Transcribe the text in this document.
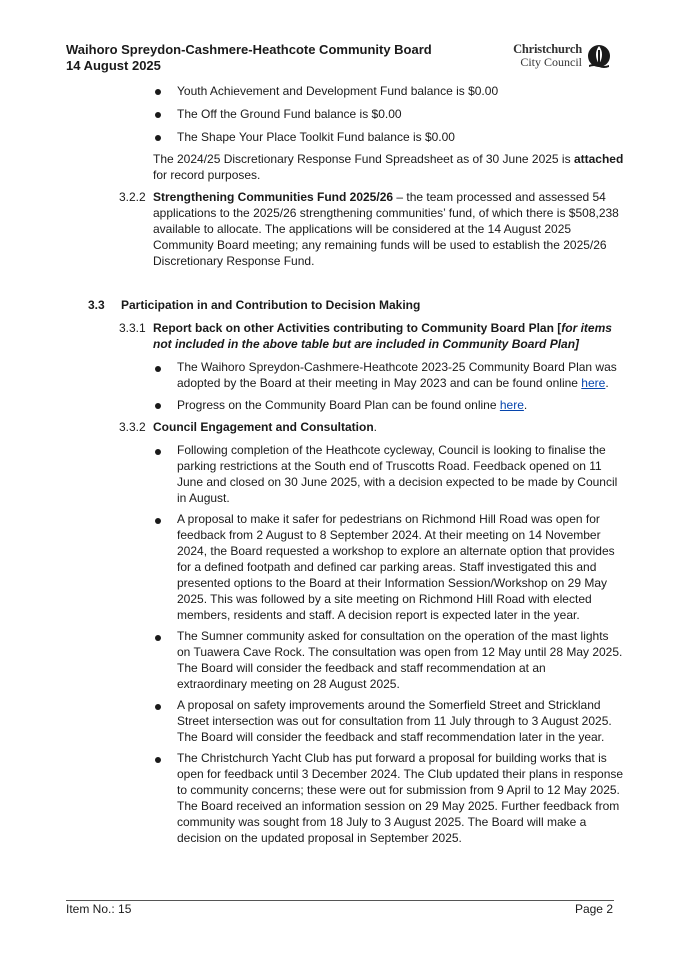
Waihoro Spreydon-Cashmere-Heathcote Community Board
14 August 2025
Christchurch
City Council

Youth Achievement and Development Fund balance is $0.00

The Off the Ground Fund balance is $0.00

The Shape Your Place Toolkit Fund balance is $0.00

The 2024/25 Discretionary Response Fund Spreadsheet as of 30 June 2025 is attached

for record purposes.

3.2.2 Strengthening Communities Fund 2025/26 – the team processed and assessed 54

applications to the 2025/26 strengthening communities’ fund, of which there is $508,238

available to allocate. The applications will be considered at the 14 August 2025

Community Board meeting; any remaining funds will be used to establish the 2025/26

Discretionary Response Fund.

3.3 Participation in and Contribution to Decision Making

3.3.1 Report back on other Activities contributing to Community Board Plan [for items

not included in the above table but are included in Community Board Plan]

The Waihoro Spreydon-Cashmere-Heathcote 2023-25 Community Board Plan was

adopted by the Board at their meeting in May 2023 and can be found online here.

Progress on the Community Board Plan can be found online here.

3.3.2 Council Engagement and Consultation.

Following completion of the Heathcote cycleway, Council is looking to finalise the

parking restrictions at the South end of Truscotts Road. Feedback opened on 11

June and closed on 30 June 2025, with a decision expected to be made by Council

in August.

A proposal to make it safer for pedestrians on Richmond Hill Road was open for

feedback from 2 August to 8 September 2024. At their meeting on 14 November

2024, the Board requested a workshop to explore an alternate option that provides

for a defined footpath and defined car parking areas. Staff investigated this and

presented options to the Board at their Information Session/Workshop on 29 May

2025. This was followed by a site meeting on Richmond Hill Road with elected

members, residents and staff. A decision report is expected later in the year.

The Sumner community asked for consultation on the operation of the mast lights

on Tuawera Cave Rock. The consultation was open from 12 May until 28 May 2025.

The Board will consider the feedback and staff recommendation at an

extraordinary meeting on 28 August 2025.

A proposal on safety improvements around the Somerfield Street and Strickland

Street intersection was out for consultation from 11 July through to 3 August 2025.

The Board will consider the feedback and staff recommendation later in the year.

The Christchurch Yacht Club has put forward a proposal for building works that is

open for feedback until 3 December 2024. The Club updated their plans in response

to community concerns; these were out for submission from 9 April to 12 May 2025.

The Board received an information session on 29 May 2025. Further feedback from

community was sought from 18 July to 3 August 2025. The Board will make a

decision on the updated proposal in September 2025.

Item No.: 15	Page 2
